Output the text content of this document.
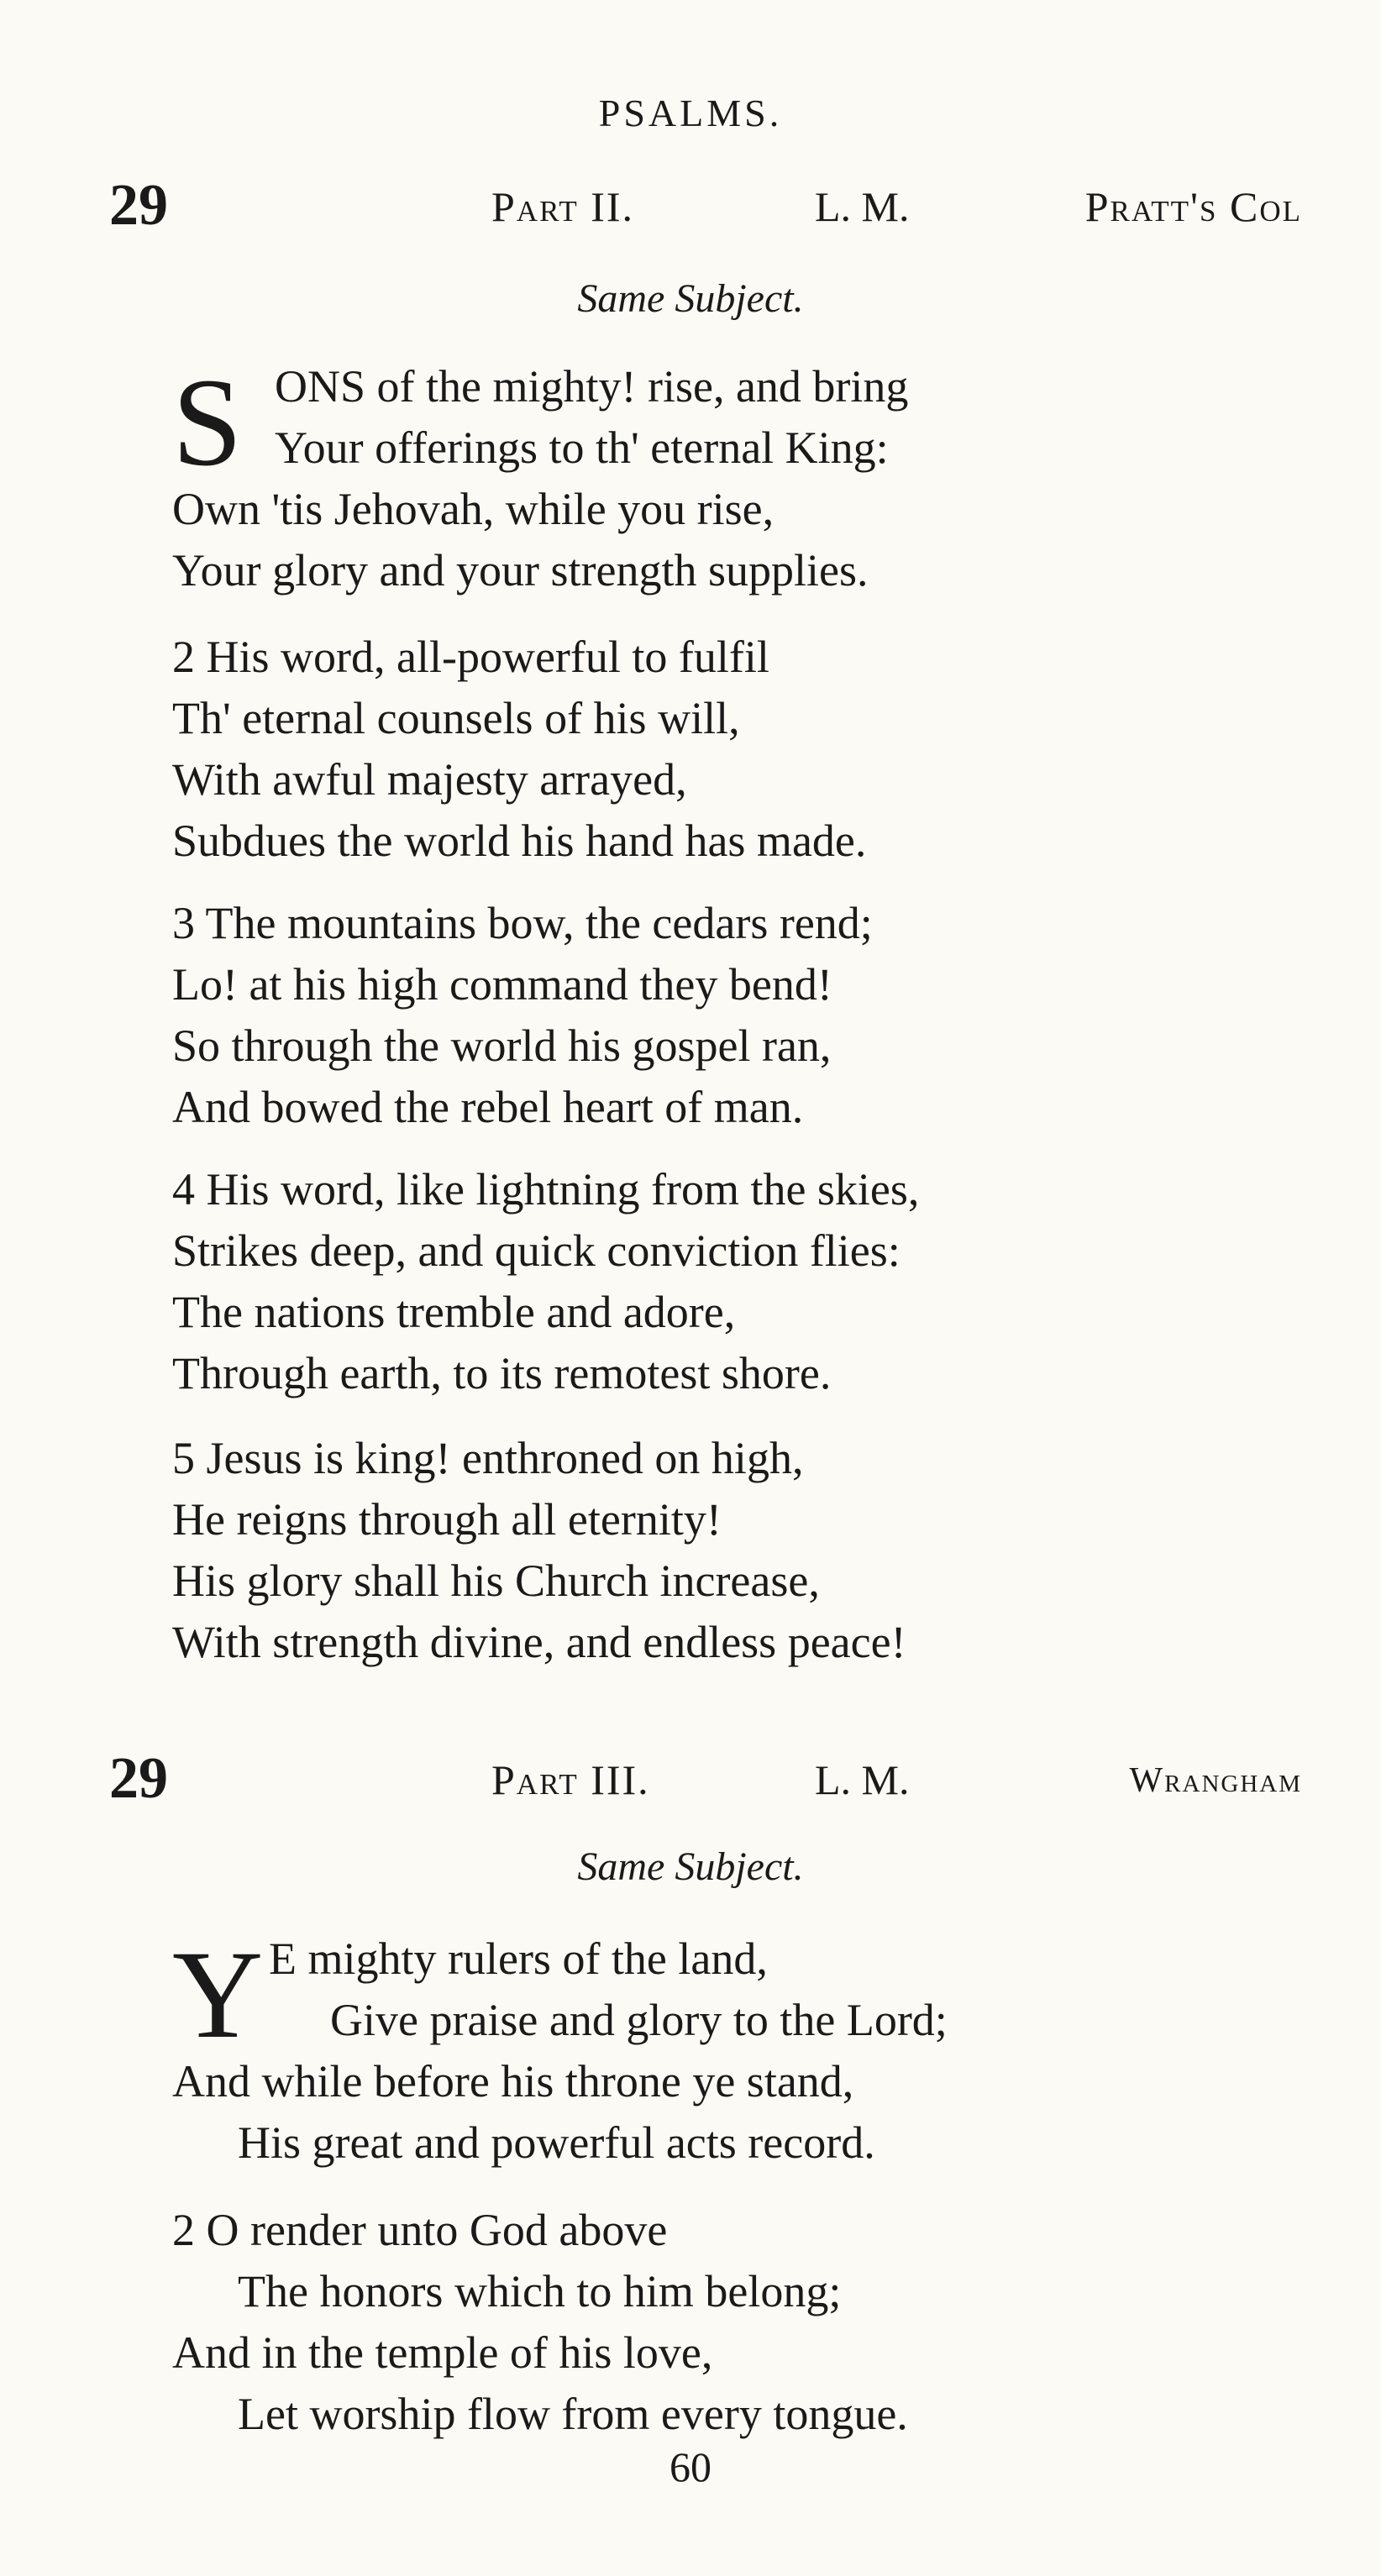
PSALMS.
29	Part II.	L. M.	Pratt's Col
Same Subject.
S ONS of the mighty! rise, and bring
Your offerings to th' eternal King:
Own 'tis Jehovah, while you rise,
Your glory and your strength supplies.
2 His word, all-powerful to fulfil
Th' eternal counsels of his will,
With awful majesty arrayed,
Subdues the world his hand has made.
3 The mountains bow, the cedars rend;
Lo! at his high command they bend!
So through the world his gospel ran,
And bowed the rebel heart of man.
4 His word, like lightning from the skies,
Strikes deep, and quick conviction flies:
The nations tremble and adore,
Through earth, to its remotest shore.
5 Jesus is king! enthroned on high,
He reigns through all eternity!
His glory shall his Church increase,
With strength divine, and endless peace!
29	Part III.	L. M.	Wrangham
Same Subject.
Y E mighty rulers of the land,
Give praise and glory to the Lord;
And while before his throne ye stand,
His great and powerful acts record.
2 O render unto God above
The honors which to him belong;
And in the temple of his love,
Let worship flow from every tongue.
60
